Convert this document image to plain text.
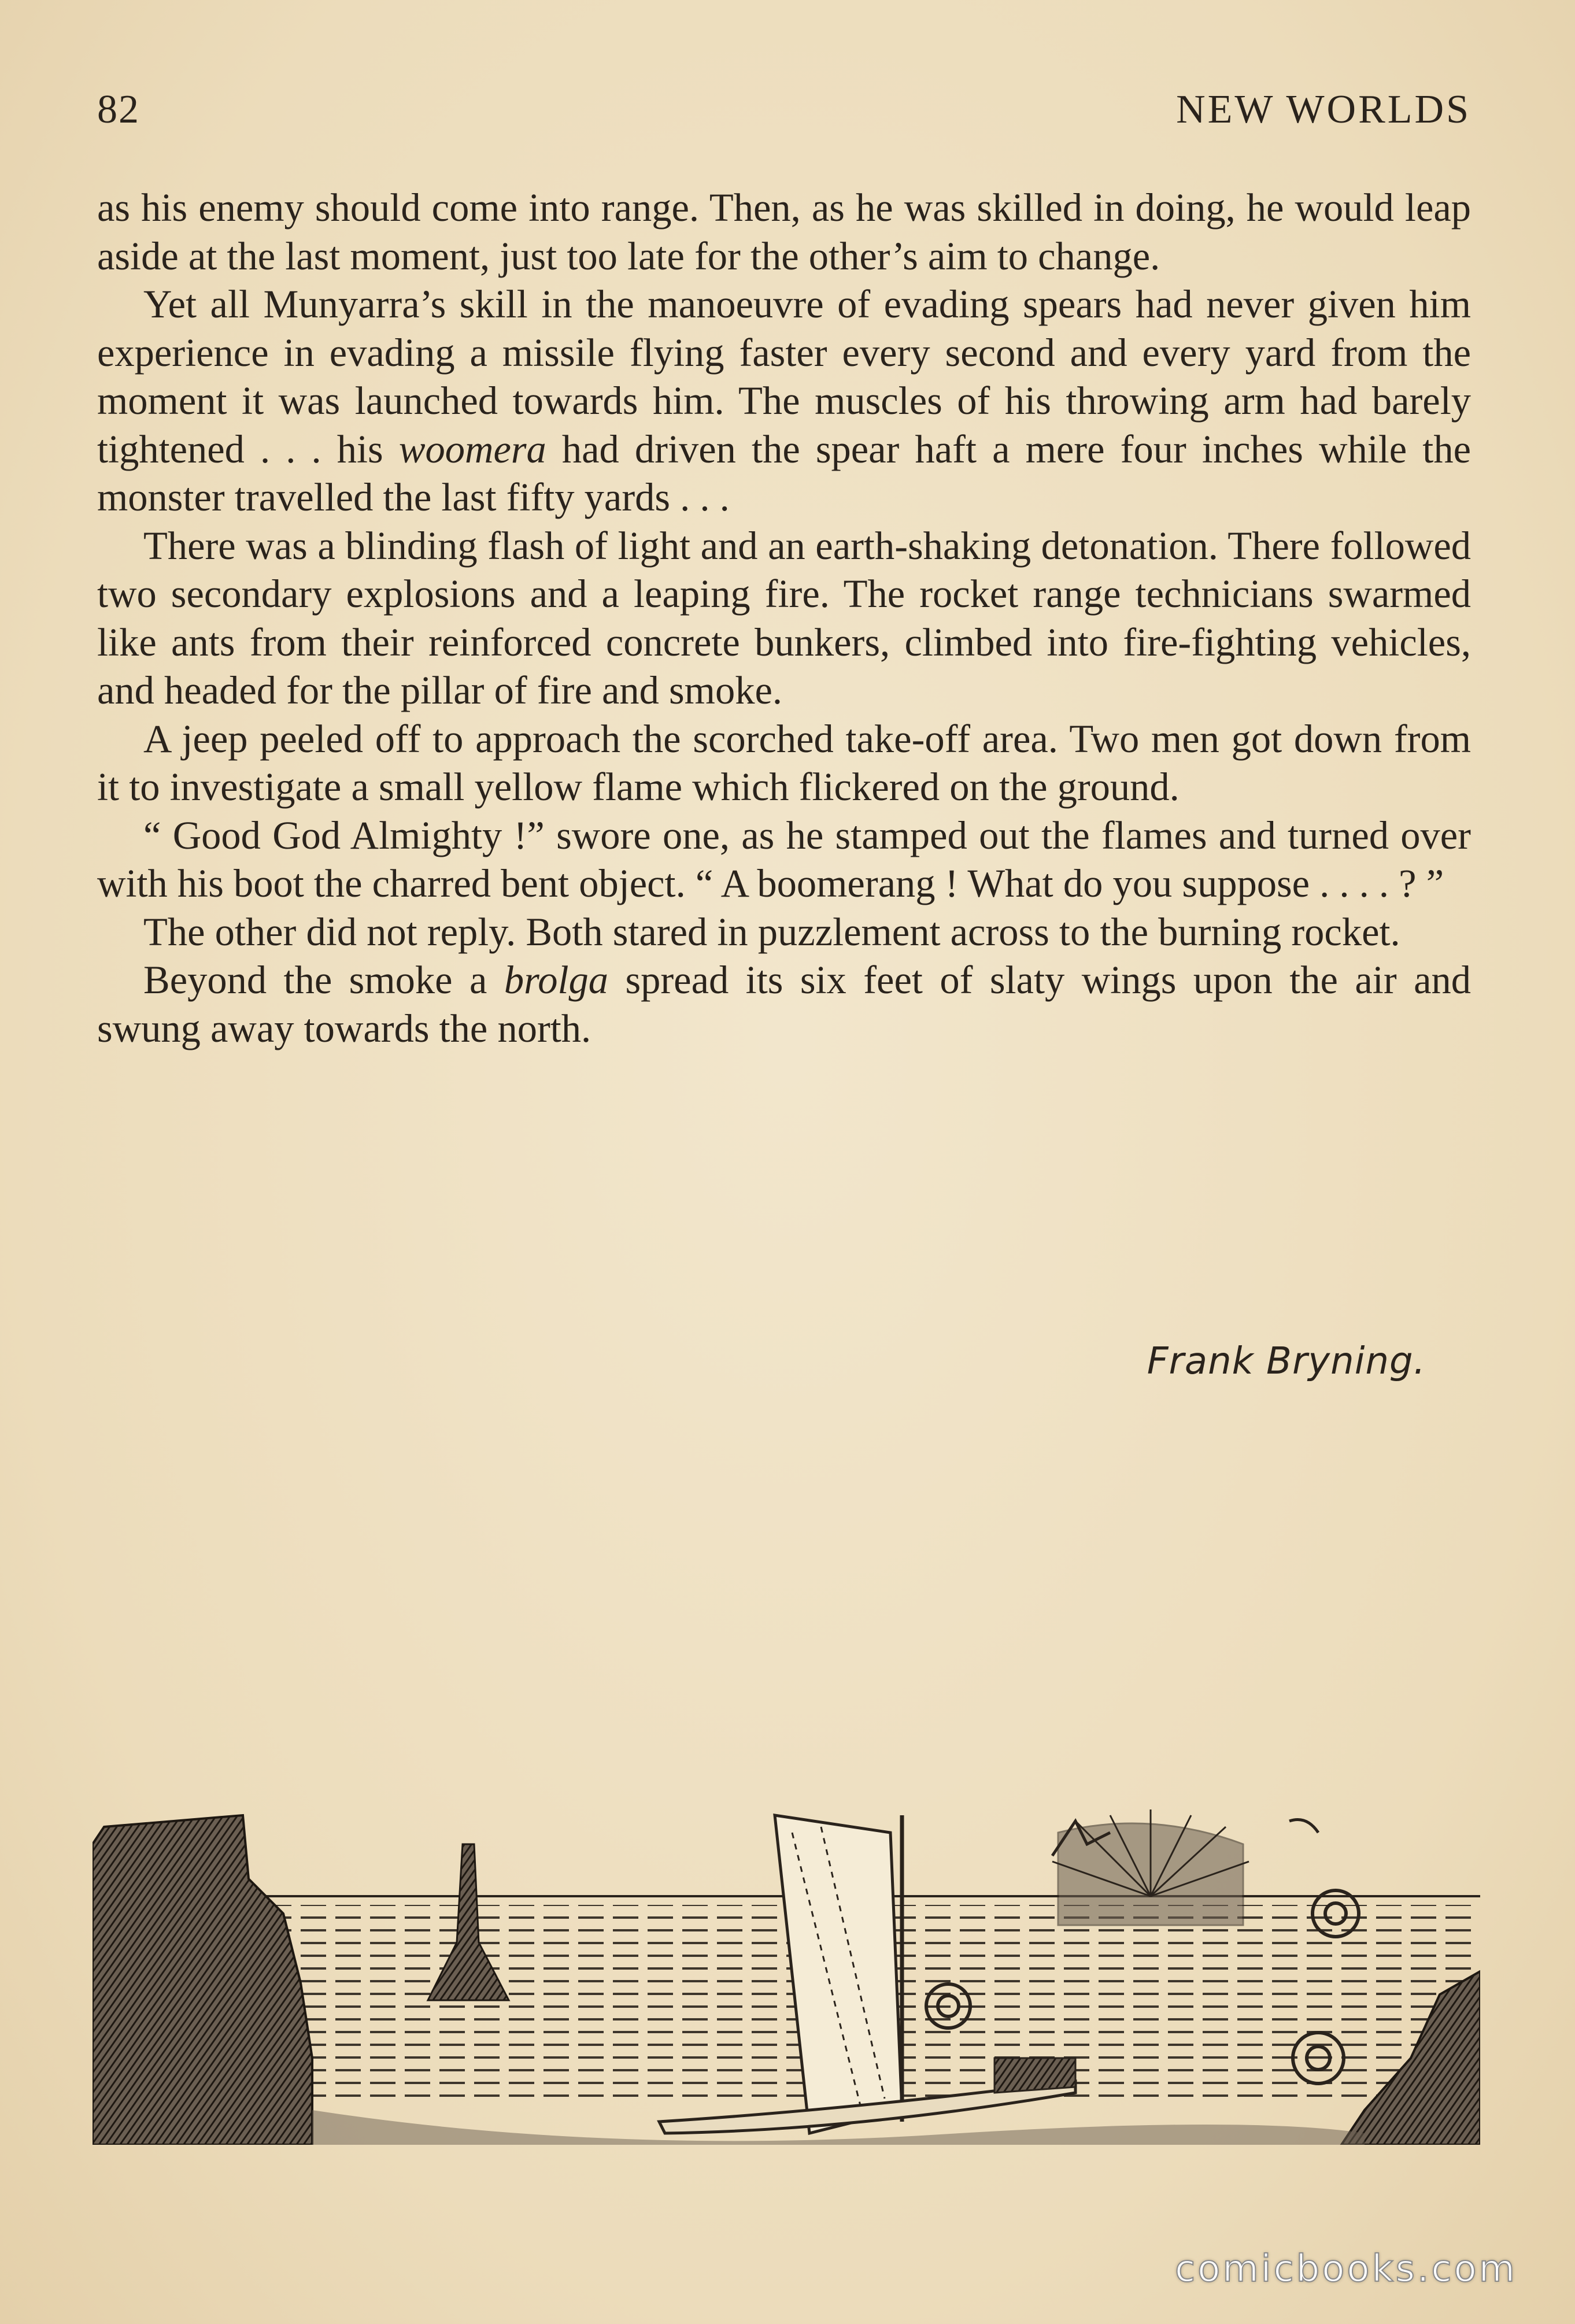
82	NEW WORLDS

as his enemy should come into range. Then, as he was skilled in doing, he would leap aside at the last moment, just too late for the other’s aim to change.

Yet all Munyarra’s skill in the manoeuvre of evading spears had never given him experience in evading a missile flying faster every second and every yard from the moment it was launched towards him. The muscles of his throwing arm had barely tightened . . . his woomera had driven the spear haft a mere four inches while the monster travelled the last fifty yards . . .

There was a blinding flash of light and an earth-shaking detonation. There followed two secondary explosions and a leaping fire. The rocket range technicians swarmed like ants from their reinforced concrete bunkers, climbed into fire-fighting vehicles, and headed for the pillar of fire and smoke.

A jeep peeled off to approach the scorched take-off area. Two men got down from it to investigate a small yellow flame which flickered on the ground.

“ Good God Almighty !” swore one, as he stamped out the flames and turned over with his boot the charred bent object. “ A boomerang ! What do you suppose . . . . ? ”

The other did not reply. Both stared in puzzlement across to the burning rocket.

Beyond the smoke a brolga spread its six feet of slaty wings upon the air and swung away towards the north.

Frank Bryning.
comicbooks.com
